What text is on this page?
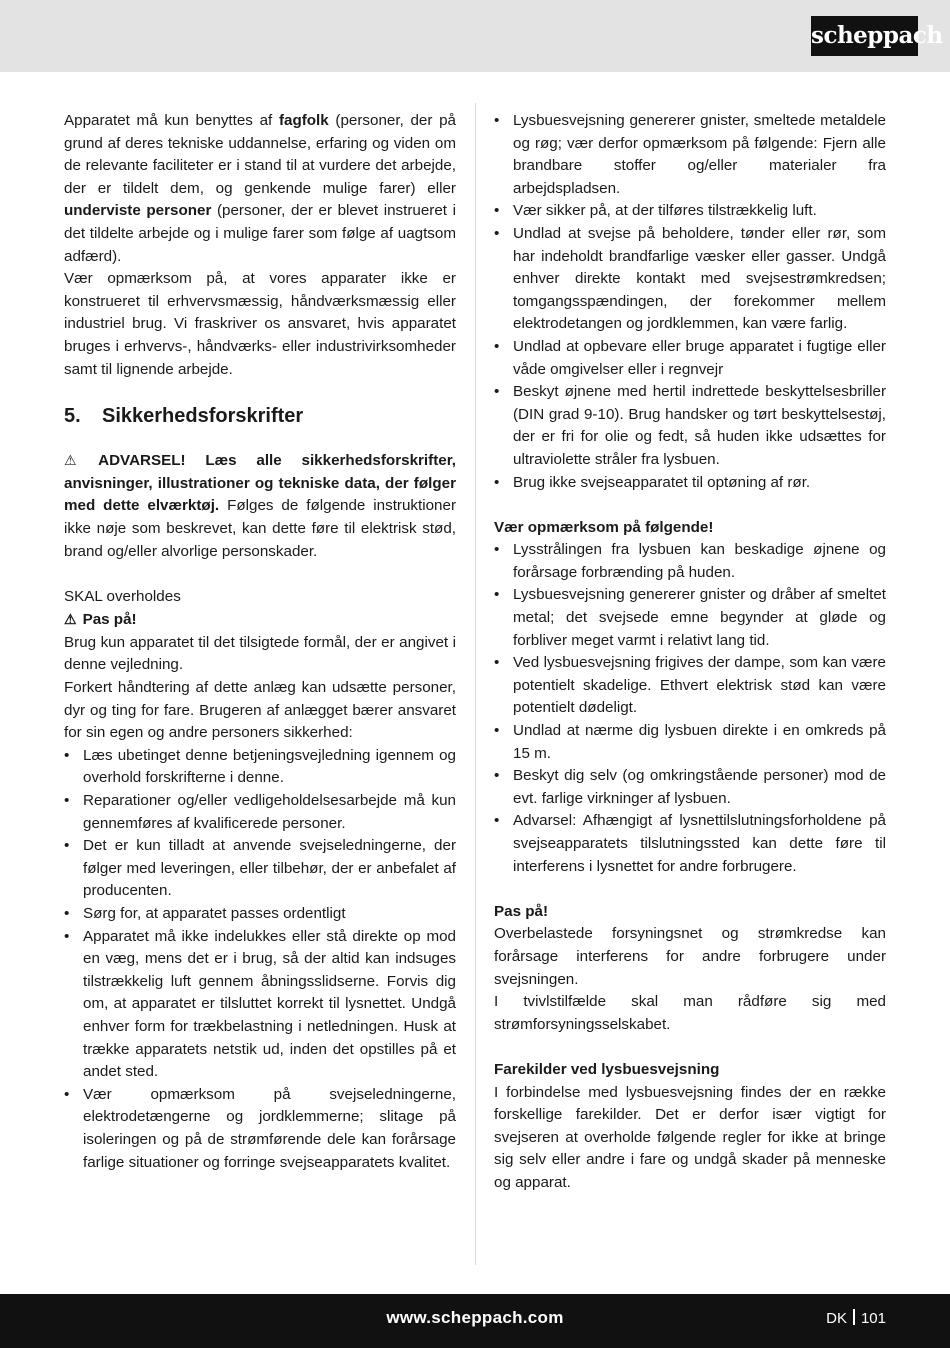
scheppach

Apparatet må kun benyttes af fagfolk (personer, der på grund af deres tekniske uddannelse, erfaring og viden om de relevante faciliteter er i stand til at vurdere det arbejde, der er tildelt dem, og genkende mulige farer) eller underviste personer (personer, der er blevet instrueret i det tildelte arbejde og i mulige farer som følge af uagtsom adfærd).

Vær opmærksom på, at vores apparater ikke er konstrueret til erhvervsmæssig, håndværksmæssig eller industriel brug. Vi fraskriver os ansvaret, hvis apparatet bruges i erhvervs-, håndværks- eller industrivirksomheder samt til lignende arbejde.

5. Sikkerhedsforskrifter

⚠ ADVARSEL! Læs alle sikkerhedsforskrifter, anvisninger, illustrationer og tekniske data, der følger med dette elværktøj. Følges de følgende instruktioner ikke nøje som beskrevet, kan dette føre til elektrisk stød, brand og/eller alvorlige personskader.

SKAL overholdes

⚠ Pas på!

Brug kun apparatet til det tilsigtede formål, der er angivet i denne vejledning.

Forkert håndtering af dette anlæg kan udsætte personer, dyr og ting for fare. Brugeren af anlægget bærer ansvaret for sin egen og andre personers sikkerhed:

• Læs ubetinget denne betjeningsvejledning igennem og overhold forskrifterne i denne.
• Reparationer og/eller vedligeholdelsesarbejde må kun gennemføres af kvalificerede personer.
• Det er kun tilladt at anvende svejseledningerne, der følger med leveringen, eller tilbehør, der er anbefalet af producenten.
• Sørg for, at apparatet passes ordentligt
• Apparatet må ikke indelukkes eller stå direkte op mod en væg, mens det er i brug, så der altid kan indsuges tilstrækkelig luft gennem åbningsslidserne. Forvis dig om, at apparatet er tilsluttet korrekt til lysnettet. Undgå enhver form for trækbelastning i netledningen. Husk at trække apparatets netstik ud, inden det opstilles på et andet sted.
• Vær opmærksom på svejseledningerne, elektrodetængerne og jordklemmerne; slitage på isoleringen og på de strømførende dele kan forårsage farlige situationer og forringe svejseapparatets kvalitet.
• Lysbuesvejsning genererer gnister, smeltede metaldele og røg; vær derfor opmærksom på følgende: Fjern alle brandbare stoffer og/eller materialer fra arbejdspladsen.
• Vær sikker på, at der tilføres tilstrækkelig luft.
• Undlad at svejse på beholdere, tønder eller rør, som har indeholdt brandfarlige væsker eller gasser. Undgå enhver direkte kontakt med svejsestrømkredsen; tomgangsspændingen, der forekommer mellem elektrodetangen og jordklemmen, kan være farlig.
• Undlad at opbevare eller bruge apparatet i fugtige eller våde omgivelser eller i regnvejr
• Beskyt øjnene med hertil indrettede beskyttelsesbriller (DIN grad 9-10). Brug handsker og tørt beskyttelsestøj, der er fri for olie og fedt, så huden ikke udsættes for ultraviolette stråler fra lysbuen.
• Brug ikke svejseapparatet til optøning af rør.

Vær opmærksom på følgende!

• Lysstrålingen fra lysbuen kan beskadige øjnene og forårsage forbrænding på huden.
• Lysbuesvejsning genererer gnister og dråber af smeltet metal; det svejsede emne begynder at gløde og forbliver meget varmt i relativt lang tid.
• Ved lysbuesvejsning frigives der dampe, som kan være potentielt skadelige. Ethvert elektrisk stød kan være potentielt dødeligt.
• Undlad at nærme dig lysbuen direkte i en omkreds på 15 m.
• Beskyt dig selv (og omkringstående personer) mod de evt. farlige virkninger af lysbuen.
• Advarsel: Afhængigt af lysnettilslutningsforholdene på svejseapparatets tilslutningssted kan dette føre til interferens i lysnettet for andre forbrugere.

Pas på!

Overbelastede forsyningsnet og strømkredse kan forårsage interferens for andre forbrugere under svejsningen.

I tvivlstilfælde skal man rådføre sig med strømforsyningsselskabet.

Farekilder ved lysbuesvejsning

I forbindelse med lysbuesvejsning findes der en række forskellige farekilder. Det er derfor især vigtigt for svejseren at overholde følgende regler for ikke at bringe sig selv eller andre i fare og undgå skader på menneske og apparat.

www.scheppach.com	DK 101
